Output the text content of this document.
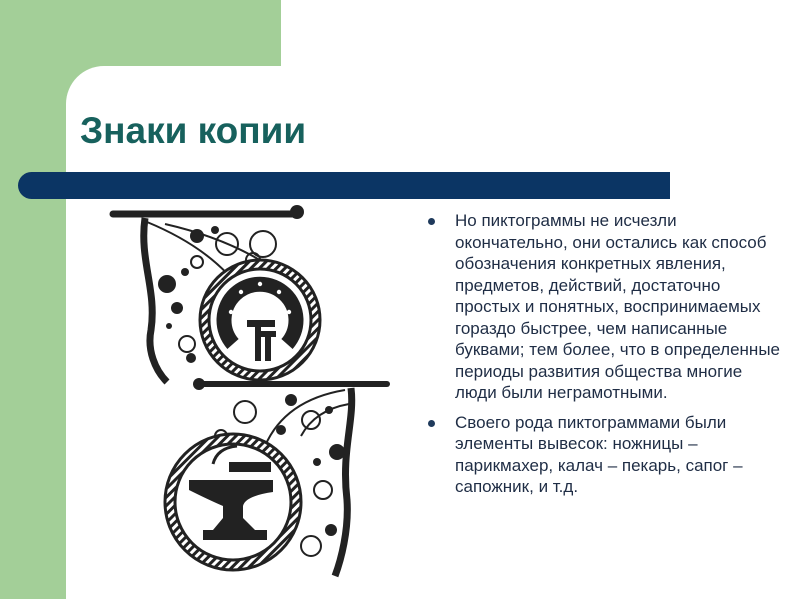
Знаки копии
Но пиктограммы не исчезли окончательно, они остались как способ обозначения конкретных явления, предметов, действий, достаточно простых и понятных, воспринимаемых гораздо быстрее, чем написанные буквами; тем более, что в определенные периоды развития общества многие люди были неграмотными.
Своего рода пиктограммами были элементы вывесок: ножницы – парикмахер, калач – пекарь, сапог – сапожник, и т.д.
